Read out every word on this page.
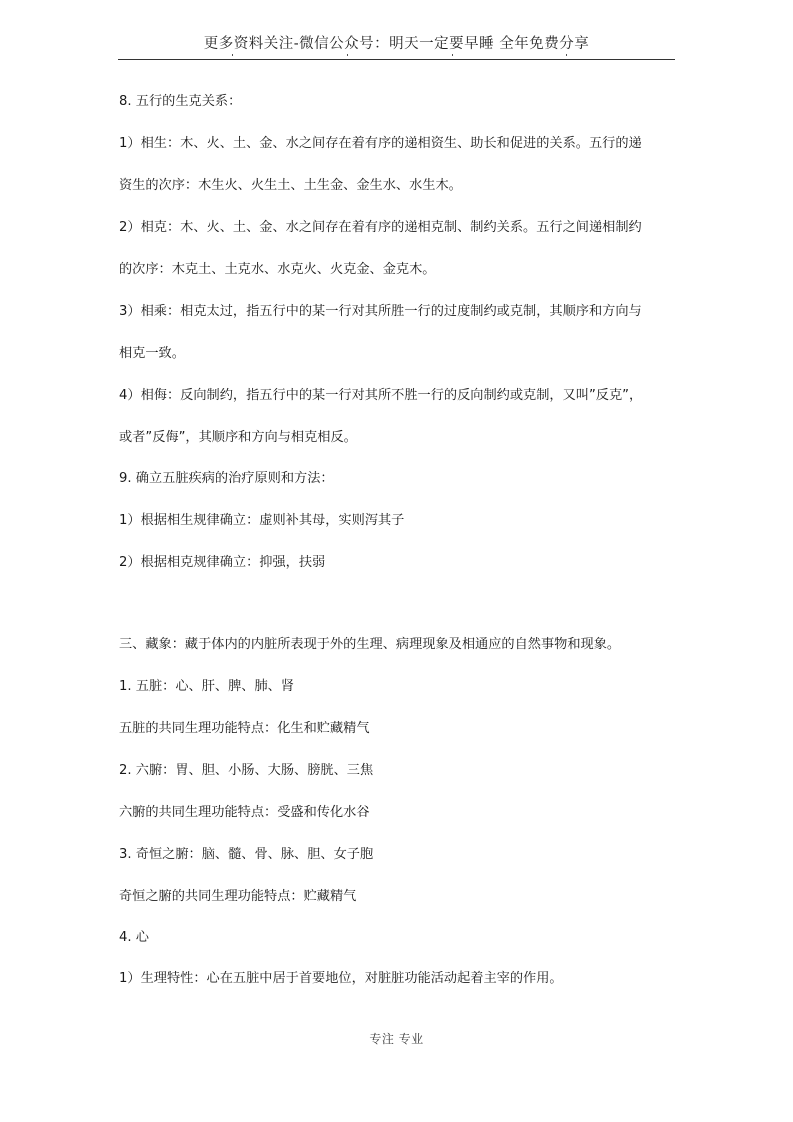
更多资料关注-微信公众号：明天一定要早睡 全年免费分享
8. 五行的生克关系：
1）相生：木、火、土、金、水之间存在着有序的递相资生、助长和促进的关系。五行的递
资生的次序：木生火、火生土、土生金、金生水、水生木。
2）相克：木、火、土、金、水之间存在着有序的递相克制、制约关系。五行之间递相制约
的次序：木克土、土克水、水克火、火克金、金克木。
3）相乘：相克太过，指五行中的某一行对其所胜一行的过度制约或克制，其顺序和方向与
相克一致。
4）相侮：反向制约，指五行中的某一行对其所不胜一行的反向制约或克制，又叫”反克”，
或者”反侮”，其顺序和方向与相克相反。
9. 确立五脏疾病的治疗原则和方法：
1）根据相生规律确立：虚则补其母，实则泻其子
2）根据相克规律确立：抑强，扶弱
三、藏象：藏于体内的内脏所表现于外的生理、病理现象及相通应的自然事物和现象。
1. 五脏：心、肝、脾、肺、肾
五脏的共同生理功能特点：化生和贮藏精气
2. 六腑：胃、胆、小肠、大肠、膀胱、三焦
六腑的共同生理功能特点：受盛和传化水谷
3. 奇恒之腑：脑、髓、骨、脉、胆、女子胞
奇恒之腑的共同生理功能特点：贮藏精气
4. 心
1）生理特性：心在五脏中居于首要地位，对脏脏功能活动起着主宰的作用。
专注 专业
